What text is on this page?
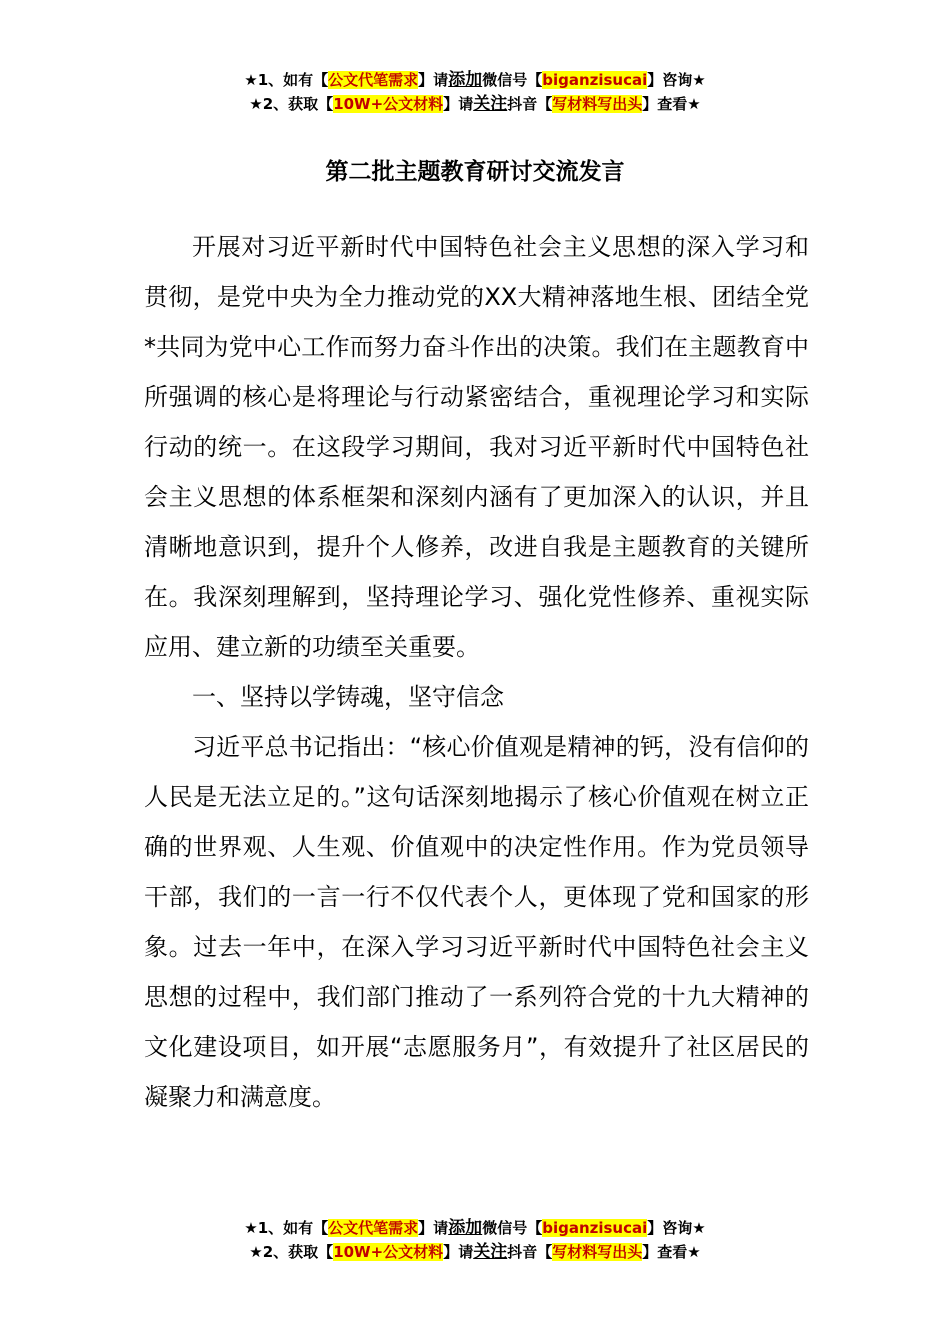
★1、如有【公文代笔需求】请添加微信号【biganzisucai】咨询★
★2、获取【10W+公文材料】请关注抖音【写材料写出头】查看★
第二批主题教育研讨交流发言

开展对习近平新时代中国特色社会主义思想的深入学习和贯彻，是党中央为全力推动党的XX大精神落地生根、团结全党*共同为党中心工作而努力奋斗作出的决策。我们在主题教育中所强调的核心是将理论与行动紧密结合，重视理论学习和实际行动的统一。在这段学习期间，我对习近平新时代中国特色社会主义思想的体系框架和深刻内涵有了更加深入的认识，并且清晰地意识到，提升个人修养，改进自我是主题教育的关键所在。我深刻理解到，坚持理论学习、强化党性修养、重视实际应用、建立新的功绩至关重要。

一、坚持以学铸魂，坚守信念

习近平总书记指出：“核心价值观是精神的钙，没有信仰的人民是无法立足的。”这句话深刻地揭示了核心价值观在树立正确的世界观、人生观、价值观中的决定性作用。作为党员领导干部，我们的一言一行不仅代表个人，更体现了党和国家的形象。过去一年中，在深入学习习近平新时代中国特色社会主义思想的过程中，我们部门推动了一系列符合党的十九大精神的文化建设项目，如开展“志愿服务月”，有效提升了社区居民的凝聚力和满意度。

★1、如有【公文代笔需求】请添加微信号【biganzisucai】咨询★
★2、获取【10W+公文材料】请关注抖音【写材料写出头】查看★
